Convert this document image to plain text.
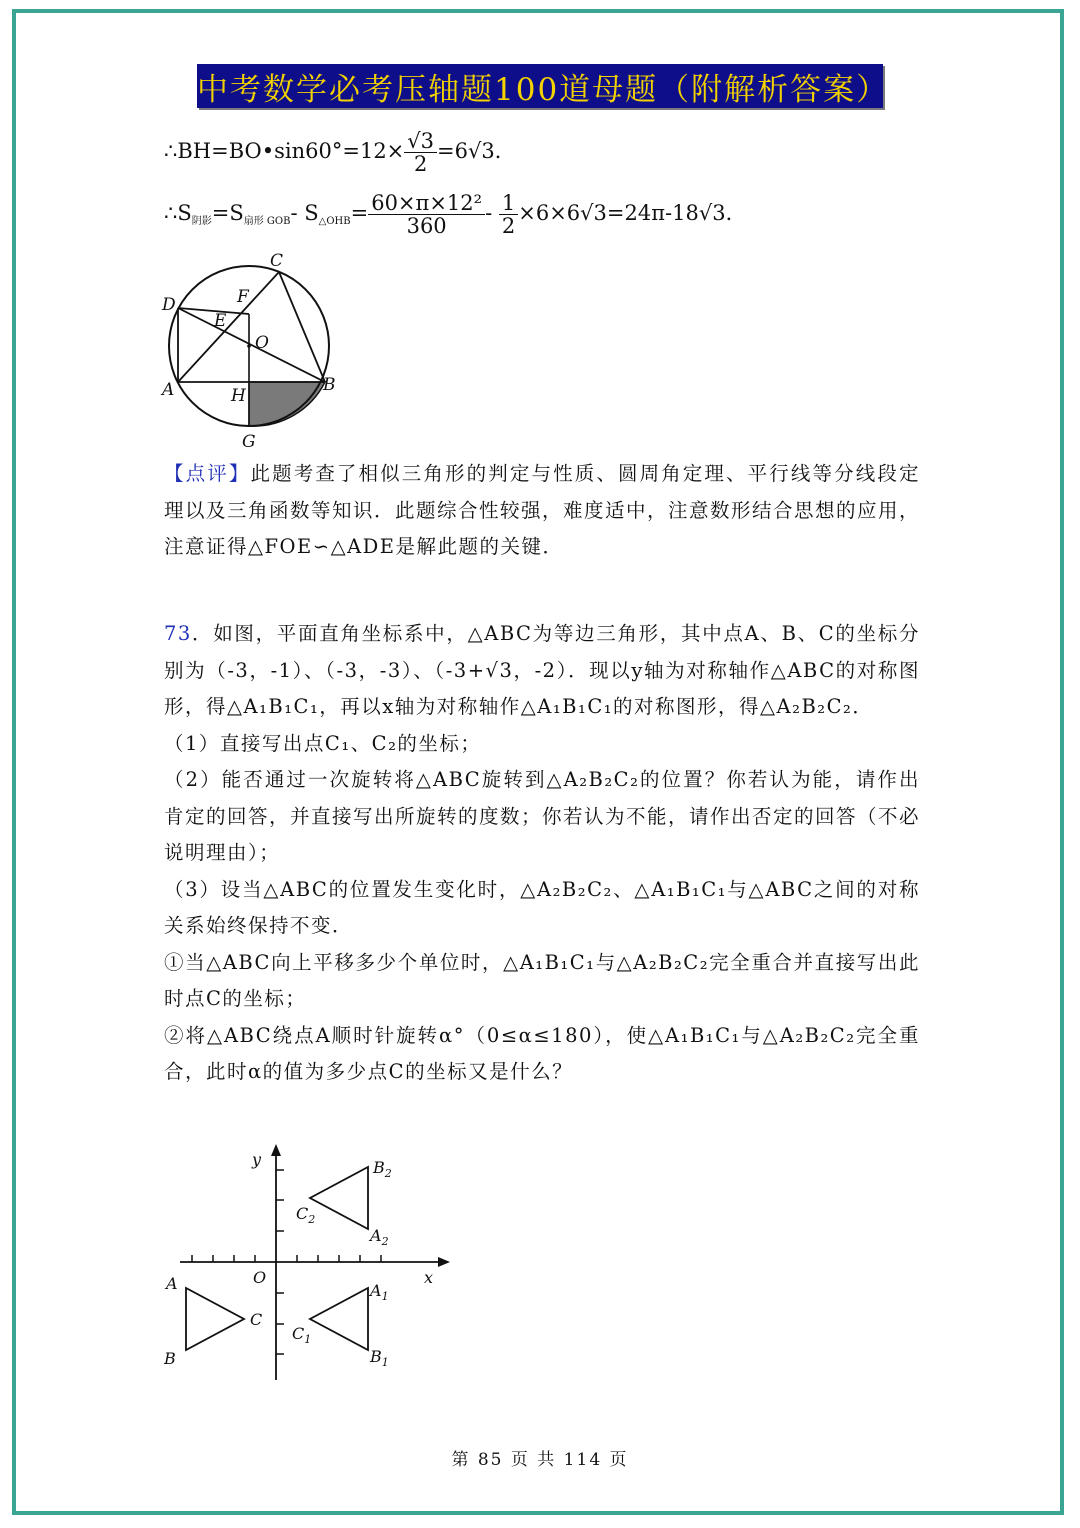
中考数学必考压轴题100道母题（附解析答案）
∴BH=BO•sin60°=12× $\frac{√3}{2} =6√3$．
$\therefore S_{阴影}=S_{扇形 GOB}-$ $S_{\triangle OHB}= \frac{\text{60×π×12²}}{360} - \frac{1}{2} \times 6\times 6√3=24\pi-18√3$．
C
D	F
E
O
A	H
B
G
【点评】此题考查了相似三角形的判定与性质、圆周角定理、平行线等分线段定理以及三角函数等知识．此题综合性较强，难度适中，注意数形结合思想的应用，注意证得△FOE∽△ADE是解此题的关键．
73．如图，平面直角坐标系中，△ABC为等边三角形，其中点A、B、C的坐标分别为（-3，-1）、（-3，-3）、（-3+√3，-2）．现以y轴为对称轴作△ABC的对称图形，得△A₁B₁C₁，再以x轴为对称轴作△A₁B₁C₁的对称图形，得△A₂B₂C₂．
（1）直接写出点C₁、C₂的坐标；
（2）能否通过一次旋转将△ABC旋转到△A₂B₂C₂的位置？你若认为能，请作出肯定的回答，并直接写出所旋转的度数；你若认为不能，请作出否定的回答（不必说明理由）；
（3）设当△ABC的位置发生变化时，△A₂B₂C₂、△A₁B₁C₁与△ABC之间的对称关系始终保持不变．
①当△ABC向上平移多少个单位时，△A₁B₁C₁与△A₂B₂C₂完全重合并直接写出此时点C的坐标；
②将△ABC绕点A顺时针旋转α°（0≤α≤180），使△A₁B₁C₁与△A₂B₂C₂完全重合，此时α的值为多少点C的坐标又是什么？
y
x
O
A
B
C
$A_1$
$B_1$
$C_1$
$A_2$
$B_2$
$C_2$
第 85 页 共 114 页
